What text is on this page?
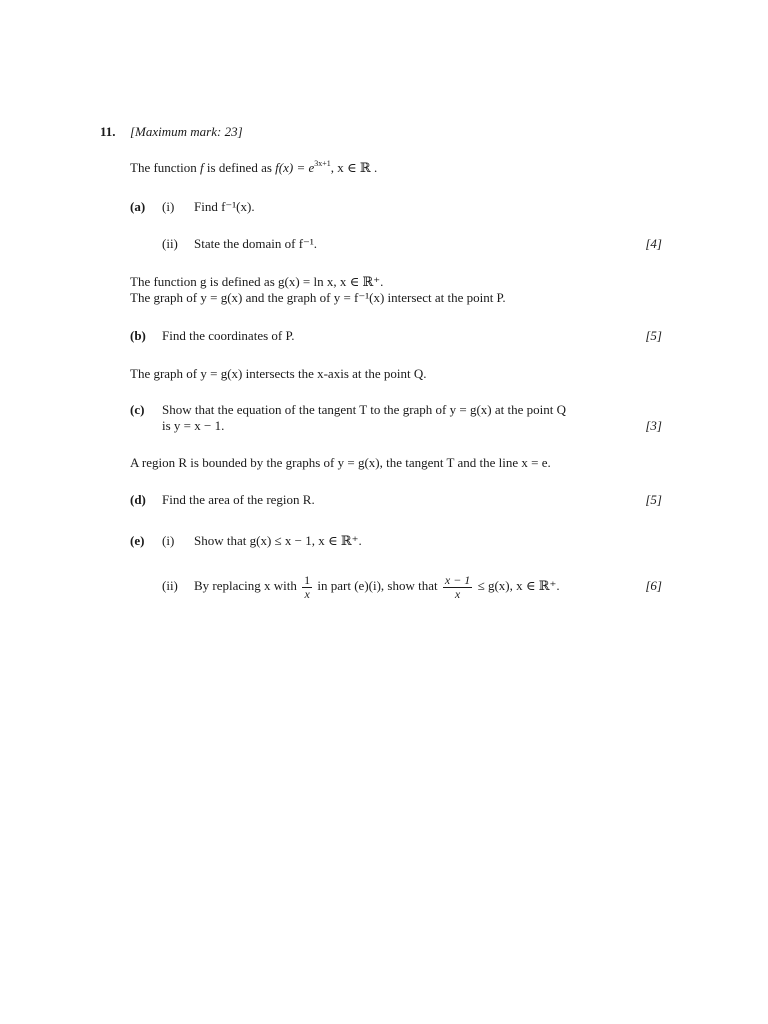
11. [Maximum mark: 23]
The function f is defined as $f(x) = e^{3x+1}$, x ∈ ℝ .
(a) (i) Find f⁻¹(x).
(ii) State the domain of f⁻¹.	[4]
The function g is defined as g(x) = ln x, x ∈ ℝ⁺.
The graph of y = g(x) and the graph of y = f⁻¹(x) intersect at the point P.
(b) Find the coordinates of P.	[5]
The graph of y = g(x) intersects the x-axis at the point Q.
(c) Show that the equation of the tangent T to the graph of y = g(x) at the point Q
is y = x − 1.	[3]
A region R is bounded by the graphs of y = g(x), the tangent T and the line x = e.
(d) Find the area of the region R.	[5]
(e) (i) Show that g(x) ≤ x − 1, x ∈ ℝ⁺.
(ii) By replacing x with $\frac{1}{x}$ in part (e)(i), show that $\frac{x - 1}{x} \le g(x)$, x ∈ ℝ⁺.	[6]
